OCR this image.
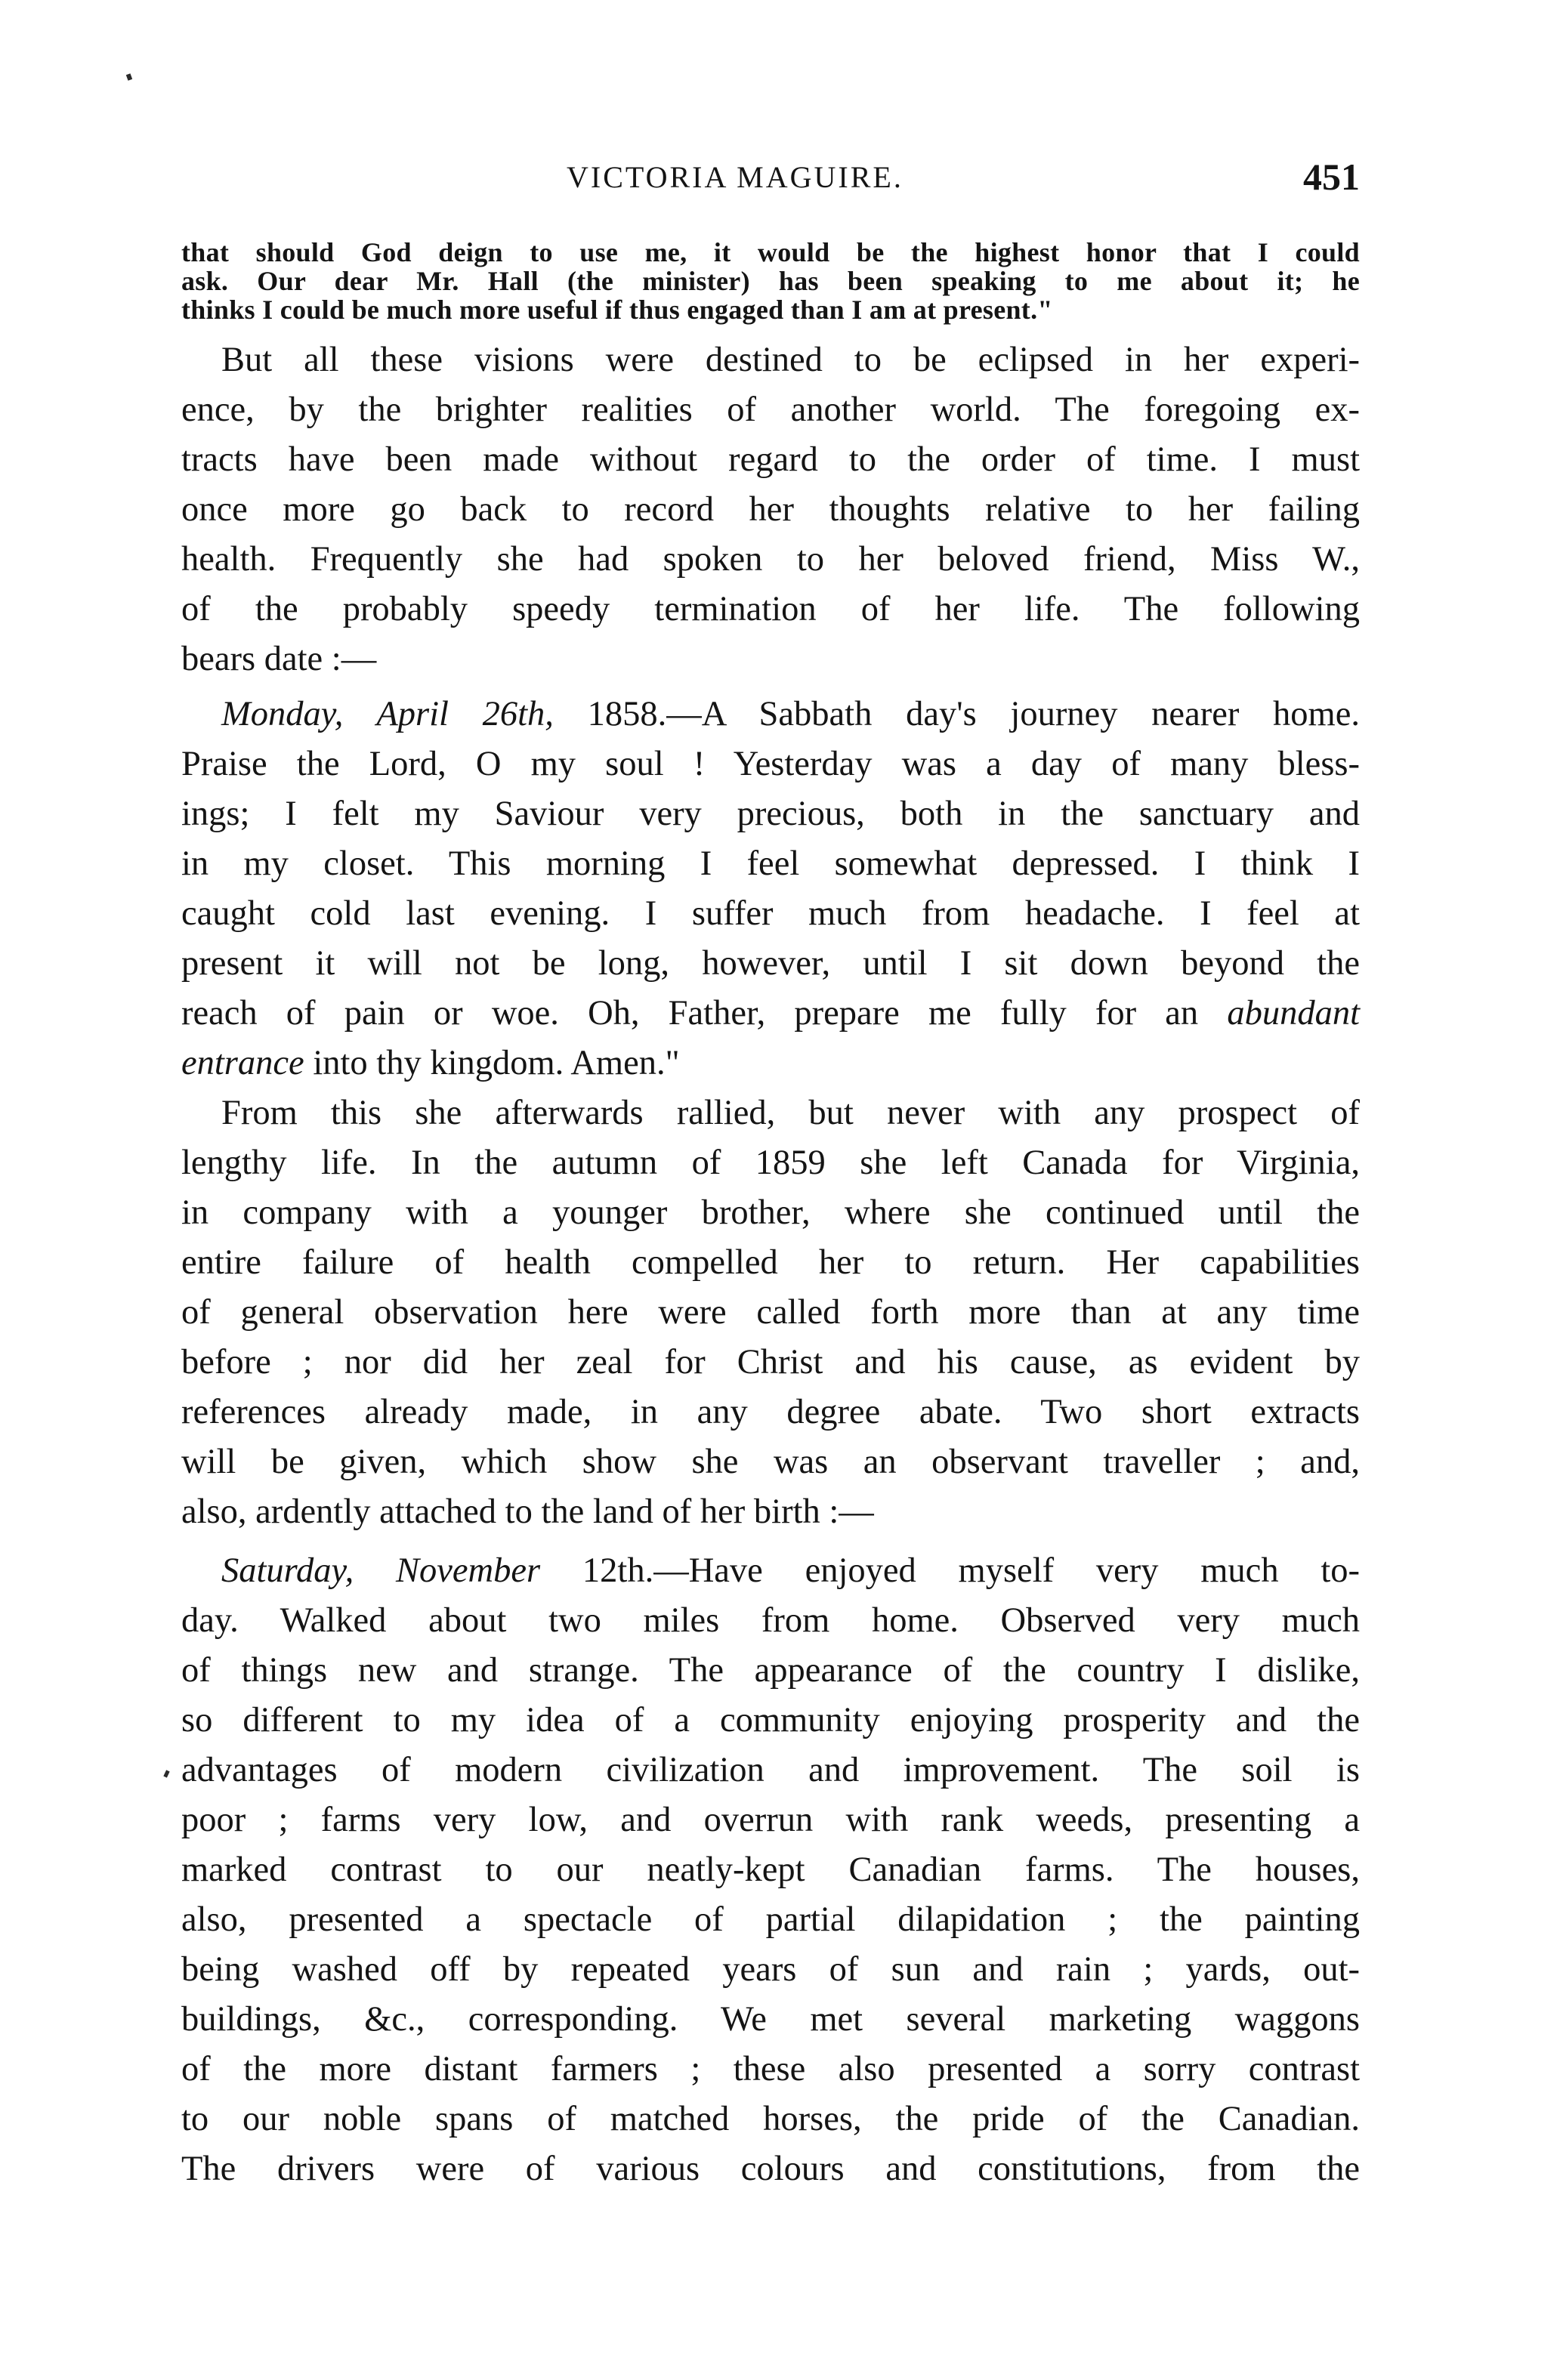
VICTORIA MAGUIRE.	451
that should God deign to use me, it would be the highest honor that I could
ask. Our dear Mr. Hall (the minister) has been speaking to me about it; he
thinks I could be much more useful if thus engaged than I am at present."
But all these visions were destined to be eclipsed in her experi-
ence, by the brighter realities of another world. The foregoing ex-
tracts have been made without regard to the order of time. I must
once more go back to record her thoughts relative to her failing
health. Frequently she had spoken to her beloved friend, Miss W.,
of the probably speedy termination of her life. The following
bears date :—
Monday, April 26th, 1858.—A Sabbath day's journey nearer home.
Praise the Lord, O my soul ! Yesterday was a day of many bless-
ings; I felt my Saviour very precious, both in the sanctuary and
in my closet. This morning I feel somewhat depressed. I think I
caught cold last evening. I suffer much from headache. I feel at
present it will not be long, however, until I sit down beyond the
reach of pain or woe. Oh, Father, prepare me fully for an abundant
entrance into thy kingdom. Amen."
From this she afterwards rallied, but never with any prospect of
lengthy life. In the autumn of 1859 she left Canada for Virginia,
in company with a younger brother, where she continued until the
entire failure of health compelled her to return. Her capabilities
of general observation here were called forth more than at any time
before ; nor did her zeal for Christ and his cause, as evident by
references already made, in any degree abate. Two short extracts
will be given, which show she was an observant traveller ; and,
also, ardently attached to the land of her birth :—
Saturday, November 12th.—Have enjoyed myself very much to-
day. Walked about two miles from home. Observed very much
of things new and strange. The appearance of the country I dislike,
so different to my idea of a community enjoying prosperity and the
advantages of modern civilization and improvement. The soil is
poor ; farms very low, and overrun with rank weeds, presenting a
marked contrast to our neatly-kept Canadian farms. The houses,
also, presented a spectacle of partial dilapidation ; the painting
being washed off by repeated years of sun and rain ; yards, out-
buildings, &c., corresponding. We met several marketing waggons
of the more distant farmers ; these also presented a sorry contrast
to our noble spans of matched horses, the pride of the Canadian.
The drivers were of various colours and constitutions, from the
